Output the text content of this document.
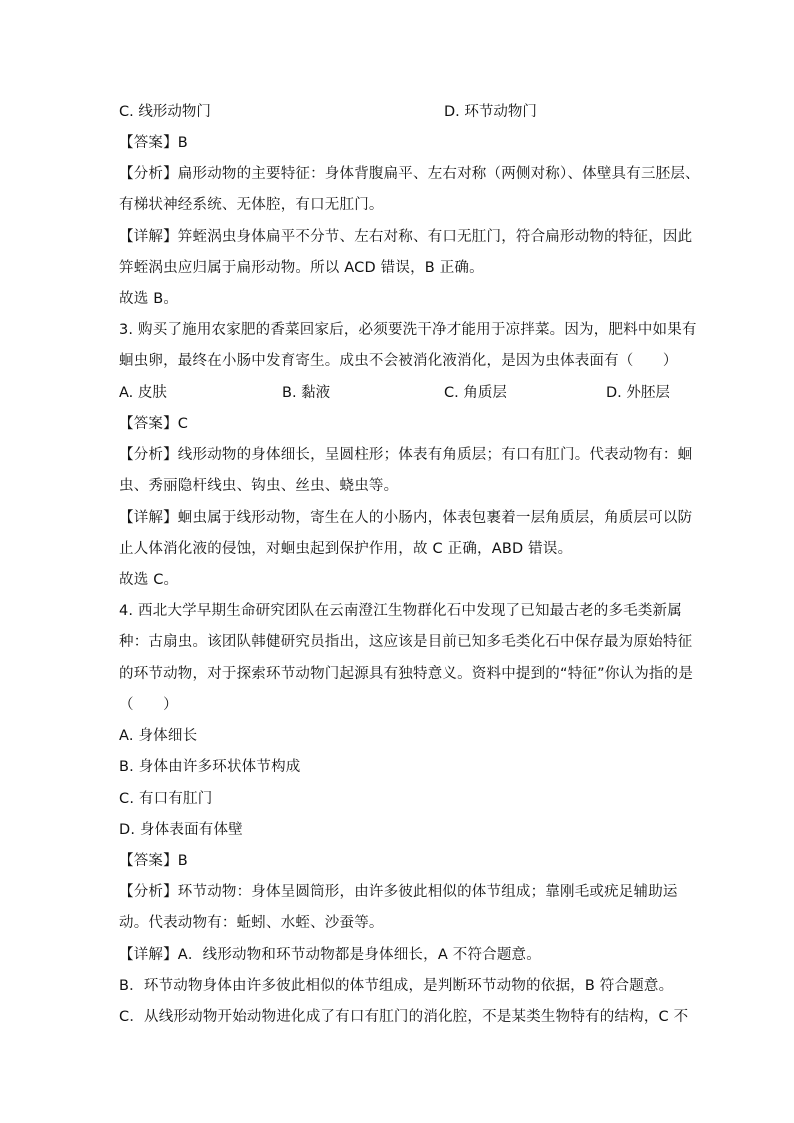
C. 线形动物门	D. 环节动物门
【答案】B
【分析】扁形动物的主要特征：身体背腹扁平、左右对称（两侧对称）、体壁具有三胚层、
有梯状神经系统、无体腔，有口无肛门。
【详解】笄蛭涡虫身体扁平不分节、左右对称、有口无肛门，符合扁形动物的特征，因此
笄蛭涡虫应归属于扁形动物。所以 ACD 错误，B 正确。
故选 B。
3. 购买了施用农家肥的香菜回家后，必须要洗干净才能用于凉拌菜。因为，肥料中如果有
蛔虫卵，最终在小肠中发育寄生。成虫不会被消化液消化，是因为虫体表面有（　　）
A. 皮肤	B. 黏液	C. 角质层	D. 外胚层
【答案】C
【分析】线形动物的身体细长，呈圆柱形；体表有角质层；有口有肛门。代表动物有：蛔
虫、秀丽隐杆线虫、钩虫、丝虫、蛲虫等。
【详解】蛔虫属于线形动物，寄生在人的小肠内，体表包裹着一层角质层，角质层可以防
止人体消化液的侵蚀，对蛔虫起到保护作用，故 C 正确，ABD 错误。
故选 C。
4. 西北大学早期生命研究团队在云南澄江生物群化石中发现了已知最古老的多毛类新属
种：古扇虫。该团队韩健研究员指出，这应该是目前已知多毛类化石中保存最为原始特征
的环节动物，对于探索环节动物门起源具有独特意义。资料中提到的“特征”你认为指的是
（　　）
A. 身体细长
B. 身体由许多环状体节构成
C. 有口有肛门
D. 身体表面有体壁
【答案】B
【分析】环节动物：身体呈圆筒形，由许多彼此相似的体节组成；靠刚毛或疣足辅助运
动。代表动物有：蚯蚓、水蛭、沙蚕等。
【详解】A．线形动物和环节动物都是身体细长，A 不符合题意。
B．环节动物身体由许多彼此相似的体节组成，是判断环节动物的依据，B 符合题意。
C．从线形动物开始动物进化成了有口有肛门的消化腔，不是某类生物特有的结构，C 不
